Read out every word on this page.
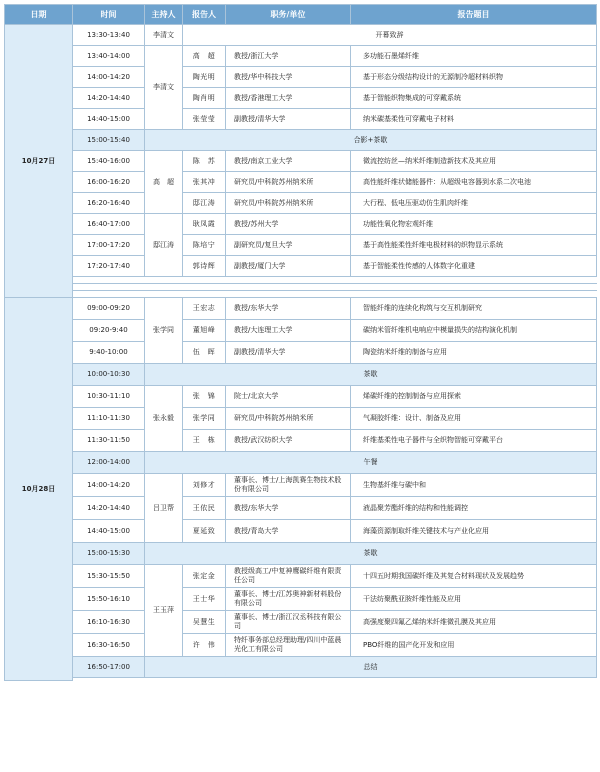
日期	时间	主持人	报告人	职务/单位	报告题目
10月27日	13:30-13:40	李清文	开幕致辞		
	13:40-14:00	李清文	高　超	教授/浙江大学	多功能石墨烯纤维
	14:00-14:20		陶光明	教授/华中科技大学	基于形态分级结构设计的无源制冷超材料织物
	14:20-14:40		陶肖明	教授/香港理工大学	基于智能织物集成的可穿戴系统
	14:40-15:00		张莹莹	副教授/清华大学	纳米碳基柔性可穿戴电子材料
	15:00-15:40	合影+茶歇			
	15:40-16:00	高　超	陈　苏	教授/南京工业大学	微流控纺丝—纳米纤维制造新技术及其应用
	16:00-16:20		张其冲	研究员/中科院苏州纳米所	高性能纤维状储能器件：从超级电容器到水系二次电池
	16:20-16:40		邸江涛	研究员/中科院苏州纳米所	大行程、低电压驱动仿生肌肉纤维
	16:40-17:00	邸江涛	耿凤霞	教授/苏州大学	功能性氧化物宏观纤维
	17:00-17:20		陈培宁	副研究员/复旦大学	基于高性能柔性纤维电极材料的织物显示系统
	17:20-17:40		郭诗辉	副教授/厦门大学	基于智能柔性传感的人体数字化重建

10月28日	09:00-09:20	张学同	王宏志	教授/东华大学	智能纤维的连续化构筑与交互机制研究
	09:20-9:40		董旭峰	教授/大连理工大学	碳纳米管纤维机电响应中模量损失的结构演化机制
	9:40-10:00		伍　晖	副教授/清华大学	陶瓷纳米纤维的制备与应用
	10:00-10:30	茶歇			
	10:30-11:10	张永毅	张　锦	院士/北京大学	烯碳纤维的控制制备与应用探索
	11:10-11:30		张学同	研究员/中科院苏州纳米所	气凝胶纤维：设计、制备及应用
	11:30-11:50		王　栋	教授/武汉纺织大学	纤维基柔性电子器件与全织物智能可穿戴平台
	12:00-14:00	午餐			
	14:00-14:20	吕卫帮	刘修才	董事长、博士/上海凯赛生物技术股份有限公司	生物基纤维与碳中和
	14:20-14:40		王依民	教授/东华大学	液晶聚芳酯纤维的结构和性能调控
	14:40-15:00		夏延致	教授/青岛大学	海藻资源制取纤维关键技术与产业化应用
	15:00-15:30	茶歇			
	15:30-15:50	王玉萍	张定金	教授级高工/中复神鹰碳纤维有限责任公司	十四五时期我国碳纤维及其复合材料现状及发展趋势
	15:50-16:10		王士华	董事长、博士/江苏奥神新材料股份有限公司	干法纺聚酰亚胺纤维性能及应用
	16:10-16:30		吴慧生	董事长、博士/浙江汉丞科技有限公司	高强度聚四氟乙烯纳米纤维微孔膜及其应用
	16:30-16:50		许　伟	特纤事务部总经理助理/四川中蓝晨光化工有限公司	PBO纤维的国产化开发和应用
	16:50-17:00	总结			
